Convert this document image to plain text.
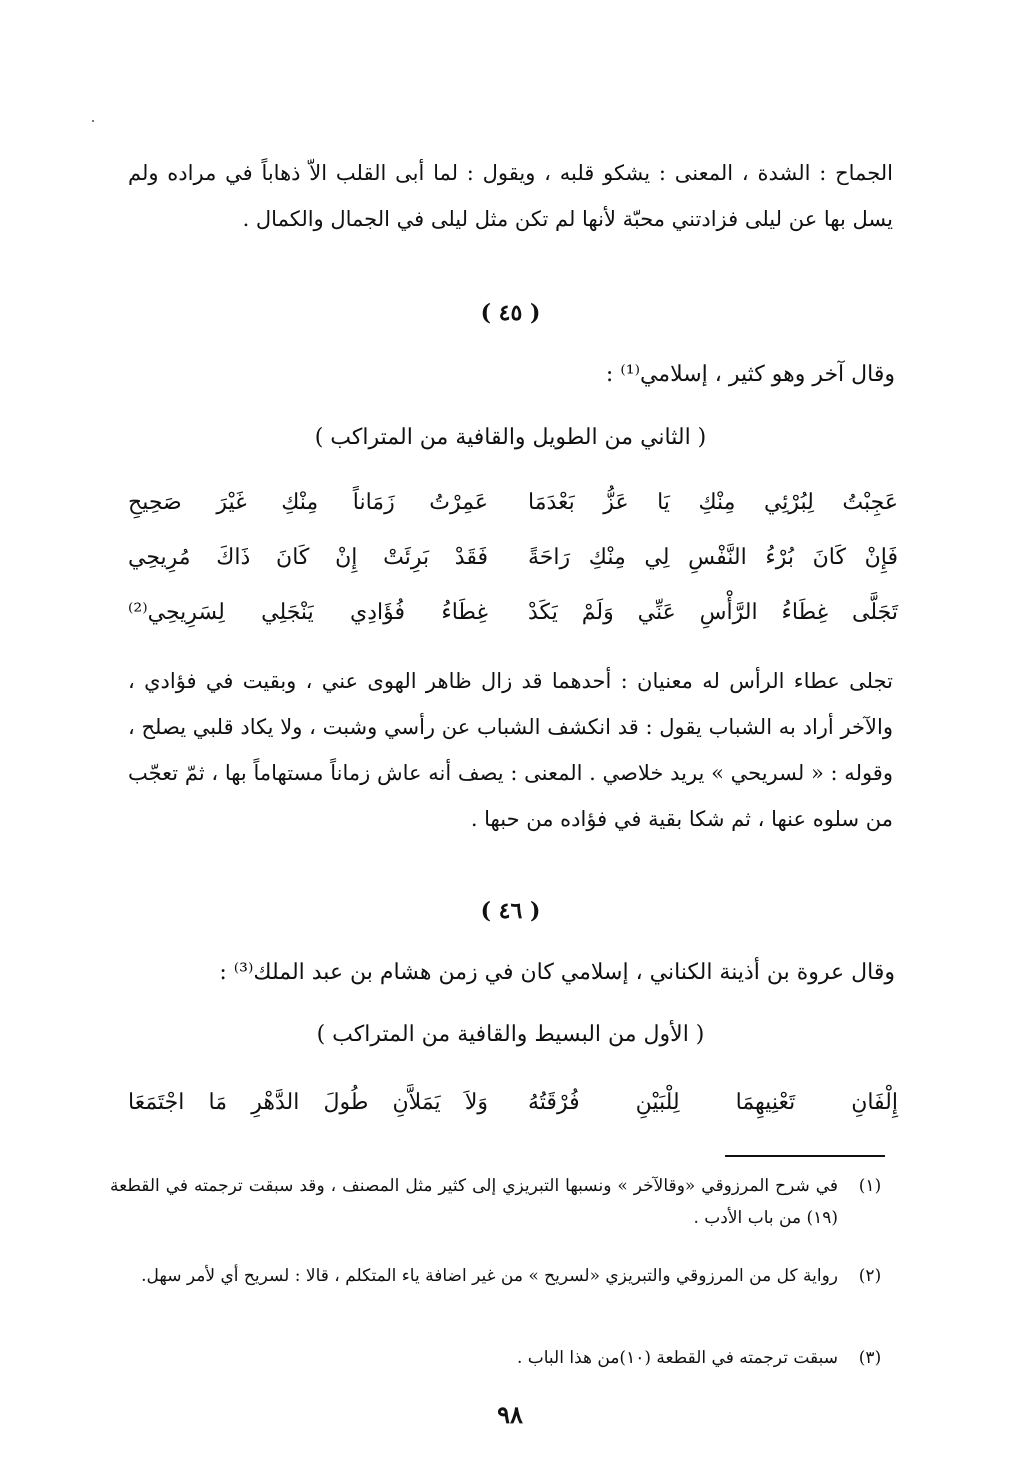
الجماح : الشدة ، المعنى : يشكو قلبه ، ويقول : لما أبى القلب الاّ ذهاباً في مراده ولم يسل بها عن ليلى فزادتني محبّة لأنها لم تكن مثل ليلى في الجمال والكمال .
( ٤٥ )
وقال آخر وهو كثير ، إسلامي⁽¹⁾ :
( الثاني من الطويل والقافية من المتراكب )
عَجِبْتُ لِبُرْئِي مِنْكِ يَا عَزُّ بَعْدَمَا
عَمِرْتُ زَمَاناً مِنْكِ غَيْرَ صَحِيحِ
فَإِنْ كَانَ بُرْءُ النَّفْسِ لِي مِنْكِ رَاحَةً
فَقَدْ بَرِئَتْ إِنْ كَانَ ذَاكَ مُرِيحِي
تَجَلَّى غِطَاءُ الرَّأْسِ عَنِّي وَلَمْ يَكَدْ
غِطَاءُ فُؤَادِي يَنْجَلِي لِسَرِيحِي⁽²⁾
تجلى عطاء الرأس له معنيان : أحدهما قد زال ظاهر الهوى عني ، وبقيت في فؤادي ، والآخر أراد به الشباب يقول : قد انكشف الشباب عن رأسي وشبت ، ولا يكاد قلبي يصلح ، وقوله : « لسريحي » يريد خلاصي . المعنى : يصف أنه عاش زماناً مستهاماً بها ، ثمّ تعجّب من سلوه عنها ، ثم شكا بقية في فؤاده من حبها .
( ٤٦ )
وقال عروة بن أذينة الكناني ، إسلامي كان في زمن هشام بن عبد الملك⁽³⁾ :
( الأول من البسيط والقافية من المتراكب )
إِلْفَانِ تَعْنِيهِمَا لِلْبَيْنِ فُرْقَتُهُ
وَلاَ يَمَلاَّنِ طُولَ الدَّهْرِ مَا اجْتَمَعَا
(١)
في شرح المرزوقي «وقالآخر » ونسبها التبريزي إلى كثير مثل المصنف ، وقد سبقت ترجمته في القطعة (١٩) من باب الأدب .
(٢)
رواية كل من المرزوقي والتبريزي «لسريح » من غير اضافة ياء المتكلم ، قالا : لسريح أي لأمر سهل.
(٣)
سبقت ترجمته في القطعة (١٠)من هذا الباب .
٩٨
